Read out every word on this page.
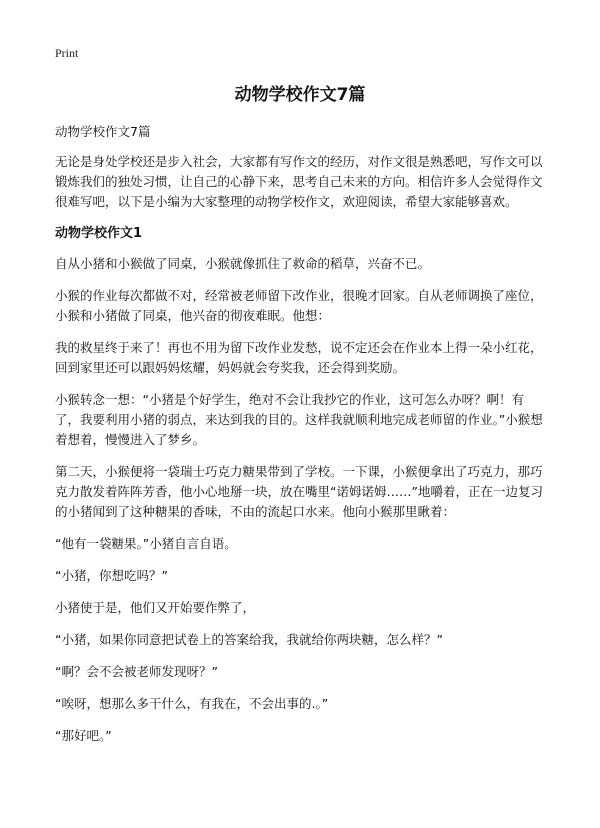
Print
动物学校作文7篇

动物学校作文7篇

无论是身处学校还是步入社会，大家都有写作文的经历，对作文很是熟悉吧，写作文可以锻炼我们的独处习惯，让自己的心静下来，思考自己未来的方向。相信许多人会觉得作文很难写吧，以下是小编为大家整理的动物学校作文，欢迎阅读，希望大家能够喜欢。

动物学校作文1

自从小猪和小猴做了同桌，小猴就像抓住了救命的稻草，兴奋不已。

小猴的作业每次都做不对，经常被老师留下改作业，很晚才回家。自从老师调换了座位，小猴和小猪做了同桌，他兴奋的彻夜难眠。他想：

我的救星终于来了！再也不用为留下改作业发愁，说不定还会在作业本上得一朵小红花，回到家里还可以跟妈妈炫耀，妈妈就会夸奖我，还会得到奖励。

小猴转念一想：“小猪是个好学生，绝对不会让我抄它的作业，这可怎么办呀？啊！有了，我要利用小猪的弱点，来达到我的目的。这样我就顺利地完成老师留的作业。”小猴想着想着，慢慢进入了梦乡。

第二天，小猴便将一袋瑞士巧克力糖果带到了学校。一下课，小猴便拿出了巧克力，那巧克力散发着阵阵芳香，他小心地掰一块，放在嘴里“诺姆诺姆……”地嚼着，正在一边复习的小猪闻到了这种糖果的香味，不由的流起口水来。他向小猴那里瞅着：

“他有一袋糖果。”小猪自言自语。

“小猪，你想吃吗？”

小猪使于是，他们又开始要作弊了，

“小猪，如果你同意把试卷上的答案给我，我就给你两块糖，怎么样？”

“啊？会不会被老师发现呀？”

“唉呀，想那么多干什么，有我在，不会出事的.。”

“那好吧。”
